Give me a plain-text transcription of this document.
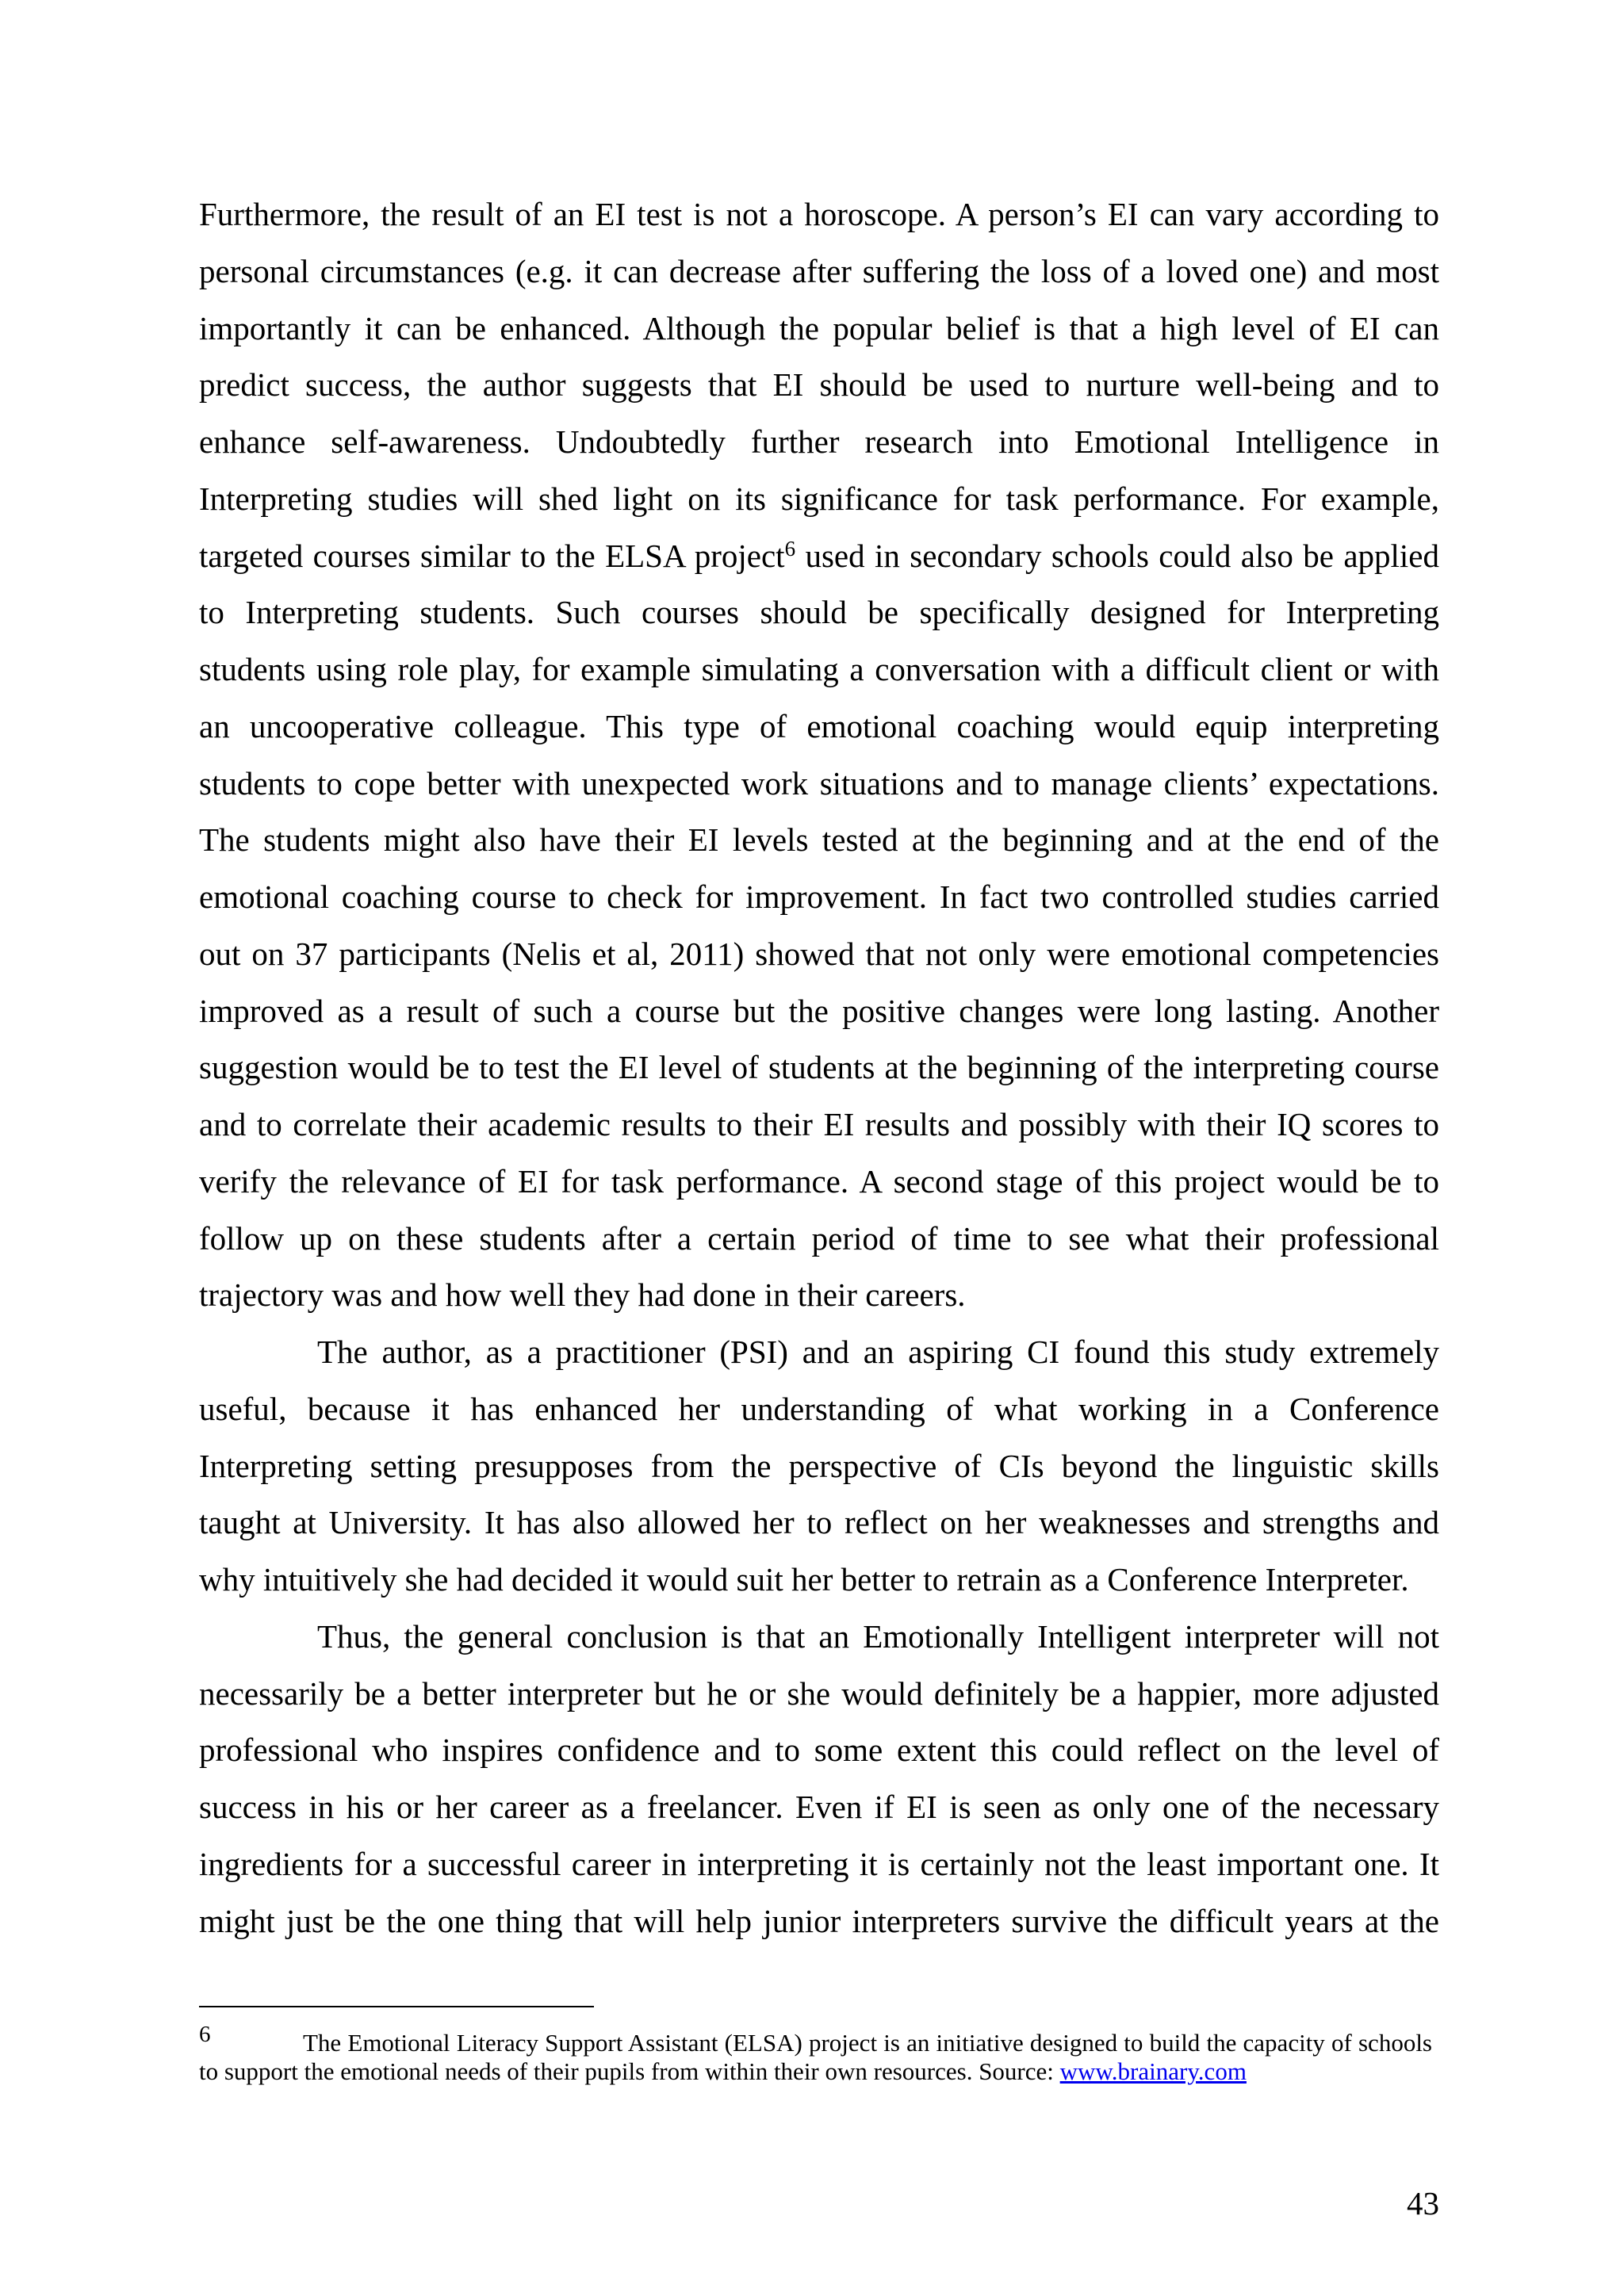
Furthermore, the result of an EI test is not a horoscope. A person’s EI can vary according to
personal circumstances (e.g. it can decrease after suffering the loss of a loved one) and most
importantly it can be enhanced. Although the popular belief is that a high level of EI can
predict success, the author suggests that EI should be used to nurture well-being and to
enhance self-awareness. Undoubtedly further research into Emotional Intelligence in
Interpreting studies will shed light on its significance for task performance. For example,
targeted courses similar to the ELSA project$^6$ used in secondary schools could also be applied
to Interpreting students. Such courses should be specifically designed for Interpreting
students using role play, for example simulating a conversation with a difficult client or with
an uncooperative colleague. This type of emotional coaching would equip interpreting
students to cope better with unexpected work situations and to manage clients’ expectations.
The students might also have their EI levels tested at the beginning and at the end of the
emotional coaching course to check for improvement. In fact two controlled studies carried
out on 37 participants (Nelis et al, 2011) showed that not only were emotional competencies
improved as a result of such a course but the positive changes were long lasting. Another
suggestion would be to test the EI level of students at the beginning of the interpreting course
and to correlate their academic results to their EI results and possibly with their IQ scores to
verify the relevance of EI for task performance. A second stage of this project would be to
follow up on these students after a certain period of time to see what their professional
trajectory was and how well they had done in their careers.
The author, as a practitioner (PSI) and an aspiring CI found this study extremely
useful, because it has enhanced her understanding of what working in a Conference
Interpreting setting presupposes from the perspective of CIs beyond the linguistic skills
taught at University. It has also allowed her to reflect on her weaknesses and strengths and
why intuitively she had decided it would suit her better to retrain as a Conference Interpreter.
Thus, the general conclusion is that an Emotionally Intelligent interpreter will not
necessarily be a better interpreter but he or she would definitely be a happier, more adjusted
professional who inspires confidence and to some extent this could reflect on the level of
success in his or her career as a freelancer. Even if EI is seen as only one of the necessary
ingredients for a successful career in interpreting it is certainly not the least important one. It
might just be the one thing that will help junior interpreters survive the difficult years at the
6	The Emotional Literacy Support Assistant (ELSA) project is an initiative designed to build the capacity of schools
to support the emotional needs of their pupils from within their own resources. Source: www.brainary.com
43
